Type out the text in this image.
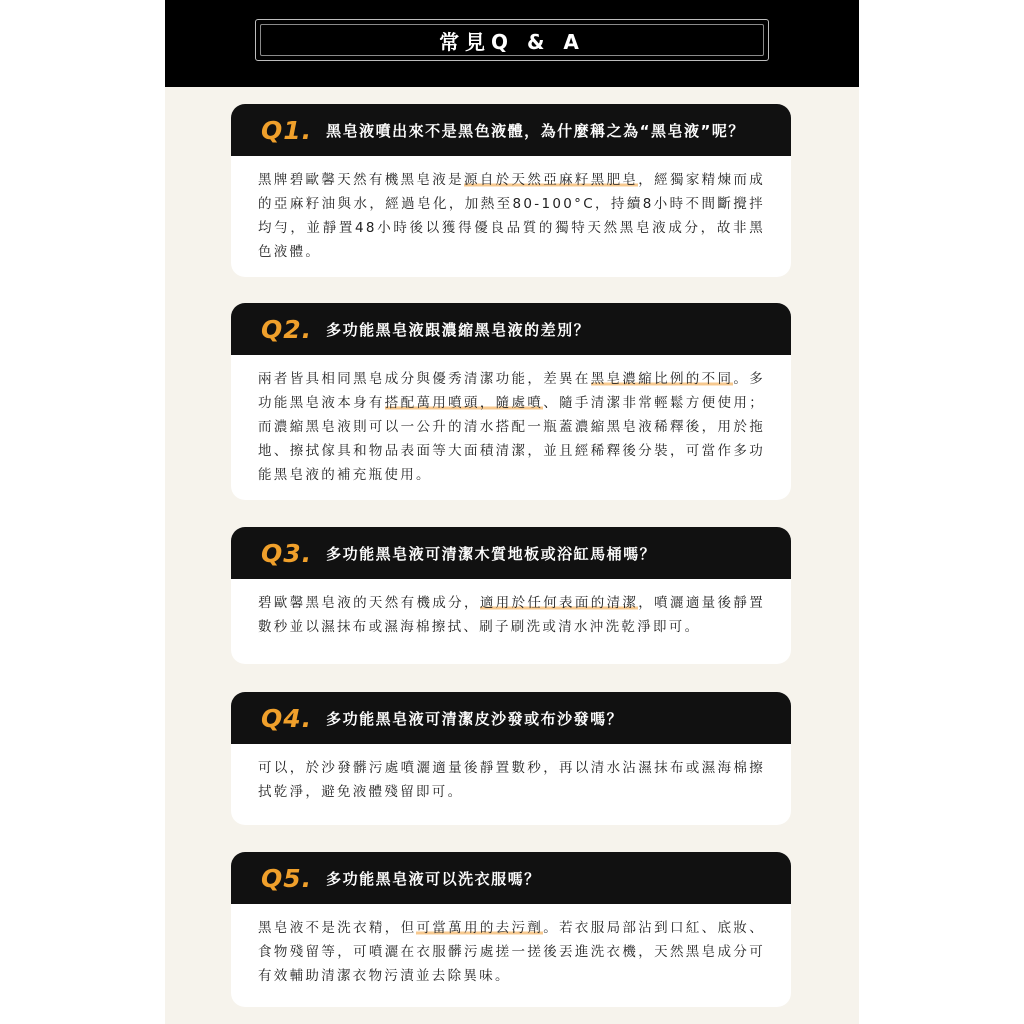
常見Q & A
Q1. 黑皂液噴出來不是黑色液體，為什麼稱之為“黑皂液”呢？

黑牌碧歐馨天然有機黑皂液是源自於天然亞麻籽黑肥皂，經獨家精煉而成的亞麻籽油與水，經過皂化，加熱至80-100°C，持續8小時不間斷攪拌均勻，並靜置48小時後以獲得優良品質的獨特天然黑皂液成分，故非黑色液體。

Q2. 多功能黑皂液跟濃縮黑皂液的差別？

兩者皆具相同黑皂成分與優秀清潔功能，差異在黑皂濃縮比例的不同。多功能黑皂液本身有搭配萬用噴頭，隨處噴、隨手清潔非常輕鬆方便使用；而濃縮黑皂液則可以一公升的清水搭配一瓶蓋濃縮黑皂液稀釋後，用於拖地、擦拭傢具和物品表面等大面積清潔，並且經稀釋後分裝，可當作多功能黑皂液的補充瓶使用。

Q3. 多功能黑皂液可清潔木質地板或浴缸馬桶嗎？

碧歐馨黑皂液的天然有機成分，適用於任何表面的清潔，噴灑適量後靜置數秒並以濕抹布或濕海棉擦拭、刷子刷洗或清水沖洗乾淨即可。

Q4. 多功能黑皂液可清潔皮沙發或布沙發嗎？

可以，於沙發髒污處噴灑適量後靜置數秒，再以清水沾濕抹布或濕海棉擦拭乾淨，避免液體殘留即可。

Q5. 多功能黑皂液可以洗衣服嗎？

黑皂液不是洗衣精，但可當萬用的去污劑。若衣服局部沾到口紅、底妝、食物殘留等，可噴灑在衣服髒污處搓一搓後丟進洗衣機，天然黑皂成分可有效輔助清潔衣物污漬並去除異味。
